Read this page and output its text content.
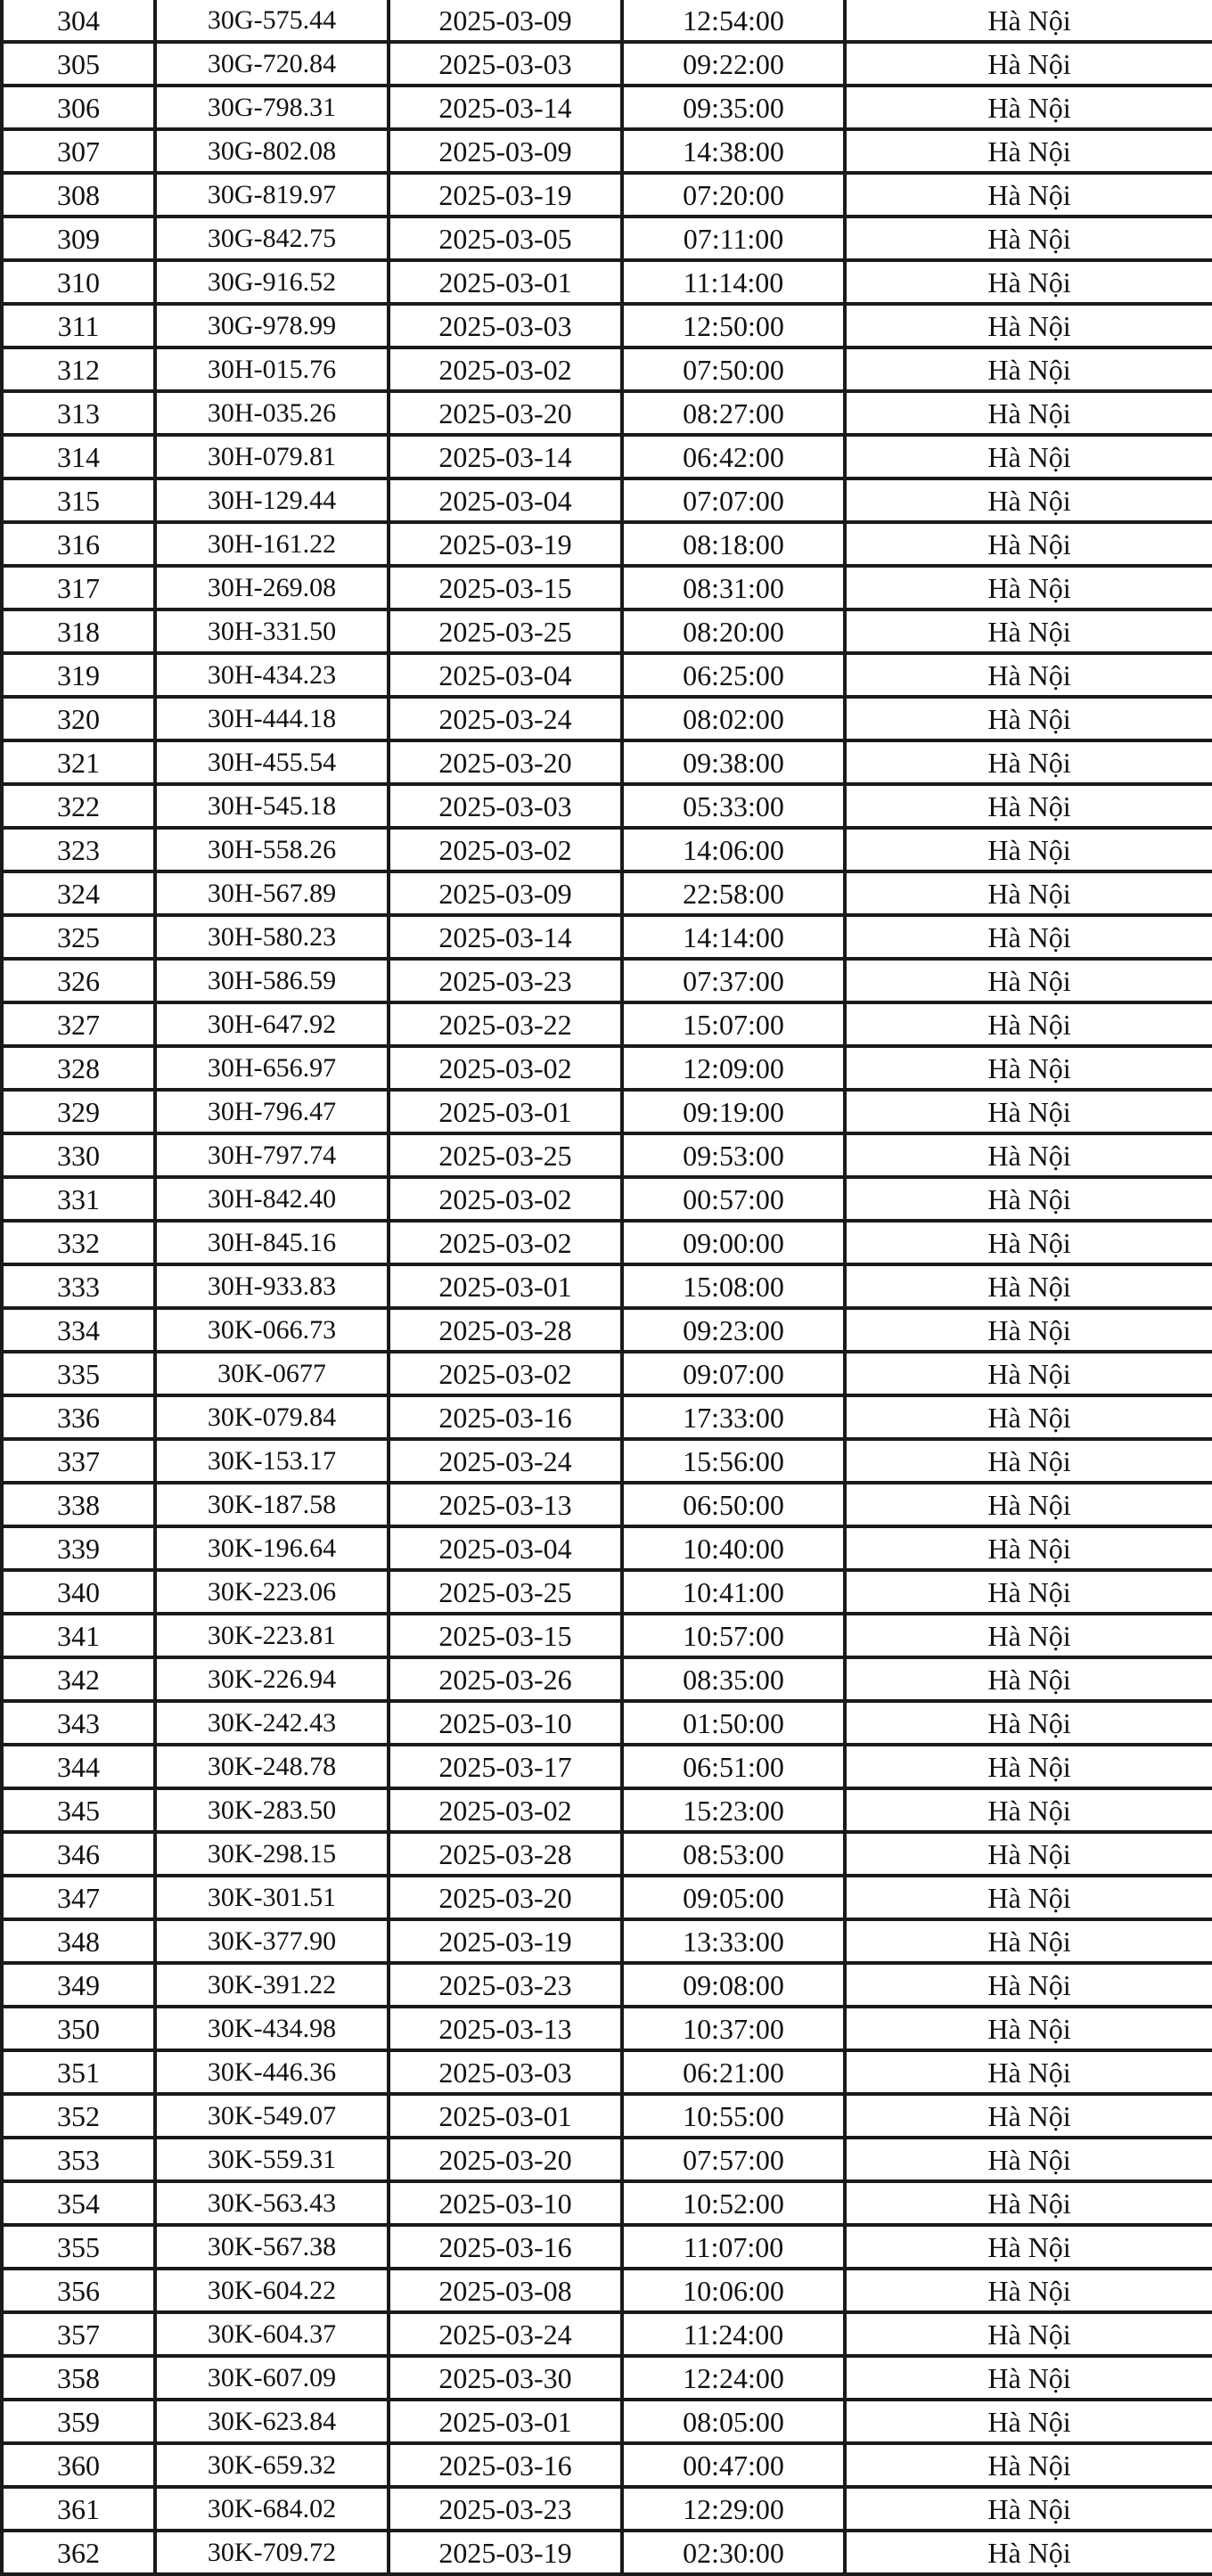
304	30G-575.44	2025-03-09	12:54:00	Hà Nội
305	30G-720.84	2025-03-03	09:22:00	Hà Nội
306	30G-798.31	2025-03-14	09:35:00	Hà Nội
307	30G-802.08	2025-03-09	14:38:00	Hà Nội
308	30G-819.97	2025-03-19	07:20:00	Hà Nội
309	30G-842.75	2025-03-05	07:11:00	Hà Nội
310	30G-916.52	2025-03-01	11:14:00	Hà Nội
311	30G-978.99	2025-03-03	12:50:00	Hà Nội
312	30H-015.76	2025-03-02	07:50:00	Hà Nội
313	30H-035.26	2025-03-20	08:27:00	Hà Nội
314	30H-079.81	2025-03-14	06:42:00	Hà Nội
315	30H-129.44	2025-03-04	07:07:00	Hà Nội
316	30H-161.22	2025-03-19	08:18:00	Hà Nội
317	30H-269.08	2025-03-15	08:31:00	Hà Nội
318	30H-331.50	2025-03-25	08:20:00	Hà Nội
319	30H-434.23	2025-03-04	06:25:00	Hà Nội
320	30H-444.18	2025-03-24	08:02:00	Hà Nội
321	30H-455.54	2025-03-20	09:38:00	Hà Nội
322	30H-545.18	2025-03-03	05:33:00	Hà Nội
323	30H-558.26	2025-03-02	14:06:00	Hà Nội
324	30H-567.89	2025-03-09	22:58:00	Hà Nội
325	30H-580.23	2025-03-14	14:14:00	Hà Nội
326	30H-586.59	2025-03-23	07:37:00	Hà Nội
327	30H-647.92	2025-03-22	15:07:00	Hà Nội
328	30H-656.97	2025-03-02	12:09:00	Hà Nội
329	30H-796.47	2025-03-01	09:19:00	Hà Nội
330	30H-797.74	2025-03-25	09:53:00	Hà Nội
331	30H-842.40	2025-03-02	00:57:00	Hà Nội
332	30H-845.16	2025-03-02	09:00:00	Hà Nội
333	30H-933.83	2025-03-01	15:08:00	Hà Nội
334	30K-066.73	2025-03-28	09:23:00	Hà Nội
335	30K-0677	2025-03-02	09:07:00	Hà Nội
336	30K-079.84	2025-03-16	17:33:00	Hà Nội
337	30K-153.17	2025-03-24	15:56:00	Hà Nội
338	30K-187.58	2025-03-13	06:50:00	Hà Nội
339	30K-196.64	2025-03-04	10:40:00	Hà Nội
340	30K-223.06	2025-03-25	10:41:00	Hà Nội
341	30K-223.81	2025-03-15	10:57:00	Hà Nội
342	30K-226.94	2025-03-26	08:35:00	Hà Nội
343	30K-242.43	2025-03-10	01:50:00	Hà Nội
344	30K-248.78	2025-03-17	06:51:00	Hà Nội
345	30K-283.50	2025-03-02	15:23:00	Hà Nội
346	30K-298.15	2025-03-28	08:53:00	Hà Nội
347	30K-301.51	2025-03-20	09:05:00	Hà Nội
348	30K-377.90	2025-03-19	13:33:00	Hà Nội
349	30K-391.22	2025-03-23	09:08:00	Hà Nội
350	30K-434.98	2025-03-13	10:37:00	Hà Nội
351	30K-446.36	2025-03-03	06:21:00	Hà Nội
352	30K-549.07	2025-03-01	10:55:00	Hà Nội
353	30K-559.31	2025-03-20	07:57:00	Hà Nội
354	30K-563.43	2025-03-10	10:52:00	Hà Nội
355	30K-567.38	2025-03-16	11:07:00	Hà Nội
356	30K-604.22	2025-03-08	10:06:00	Hà Nội
357	30K-604.37	2025-03-24	11:24:00	Hà Nội
358	30K-607.09	2025-03-30	12:24:00	Hà Nội
359	30K-623.84	2025-03-01	08:05:00	Hà Nội
360	30K-659.32	2025-03-16	00:47:00	Hà Nội
361	30K-684.02	2025-03-23	12:29:00	Hà Nội
362	30K-709.72	2025-03-19	02:30:00	Hà Nội
